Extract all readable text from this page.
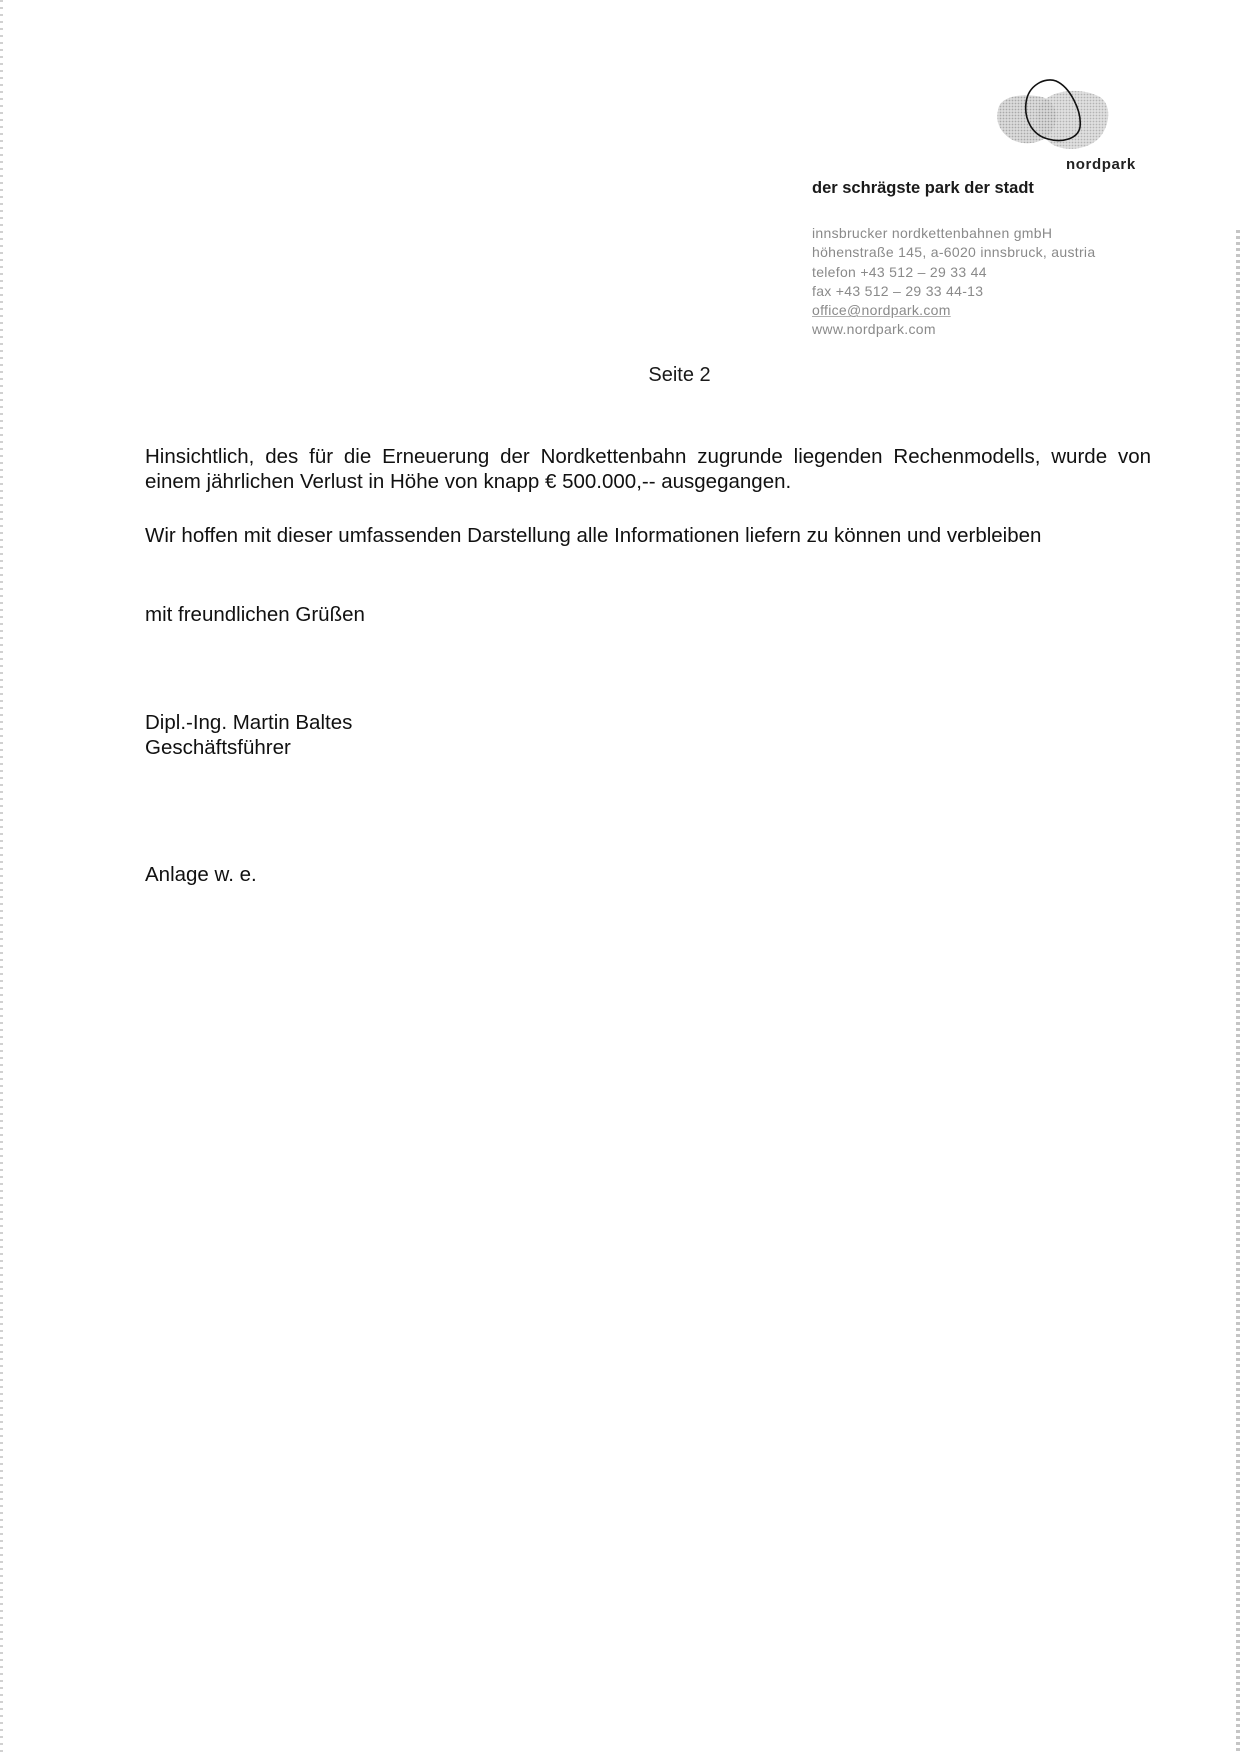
nordpark
der schrägste park der stadt
innsbrucker nordkettenbahnen gmbH
höhenstraße 145, a-6020 innsbruck, austria
telefon +43 512 – 29 33 44
fax +43 512 – 29 33 44-13
office@nordpark.com
www.nordpark.com
Seite 2
Hinsichtlich, des für die Erneuerung der Nordkettenbahn zugrunde liegenden Rechenmodells, wurde von einem jährlichen Verlust in Höhe von knapp € 500.000,-- ausgegangen.
Wir hoffen mit dieser umfassenden Darstellung alle Informationen liefern zu können und verbleiben
mit freundlichen Grüßen
Dipl.-Ing. Martin Baltes
Geschäftsführer
Anlage w. e.
